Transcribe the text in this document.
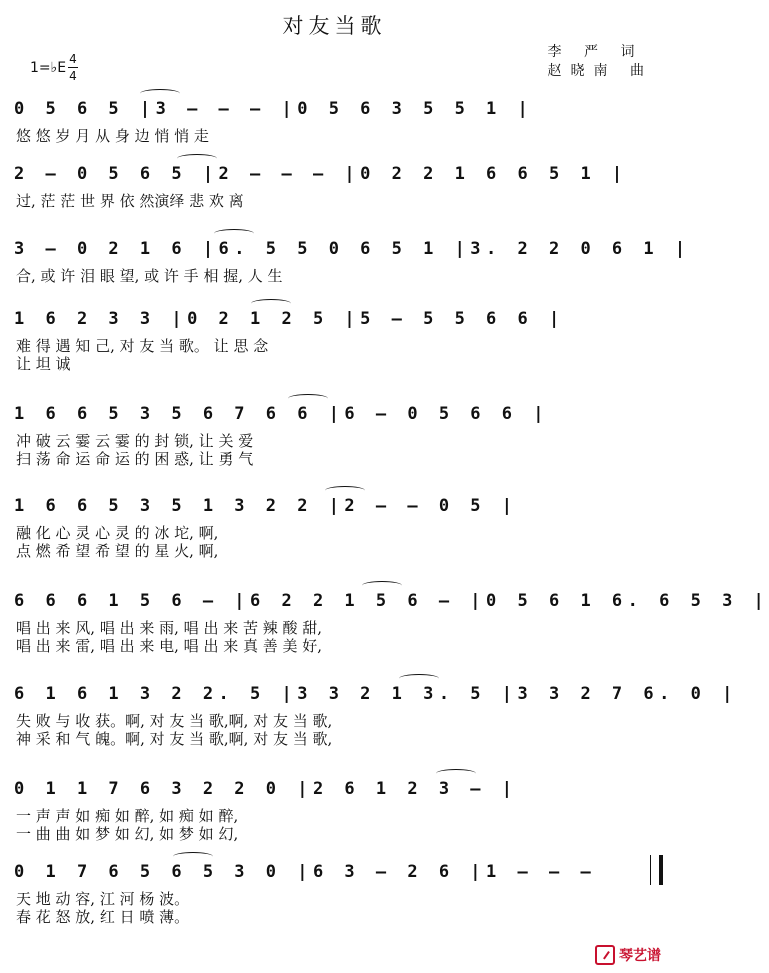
对友当歌
李 严 词
赵晓南 曲
1=♭E
4
4
0 5 6 5 |3 – – – |0 5 6 3 5 5 1 |
悠 悠 岁 月 从 身 边 悄 悄 走
2 – 0 5 6 5 |2 – – – |0 2 2 1 6 6 5 1 |
过, 茫 茫 世 界 依 然演绎 悲 欢 离
3 – 0 2 1 6 |6. 5 5 0 6 5 1 |3. 2 2 0 6 1 |
合, 或 许 泪 眼 望, 或 许 手 相 握, 人 生
1 6 2 3 3 |0 2 1 2 5 |5 – 5 5 6 6 |
难 得 遇 知 己, 对 友 当 歌。 让 思 念
让 坦 诚
1 6 6 5 3 5 6 7 6 6 |6 – 0 5 6 6 |
冲 破 云 霎 云 霎 的 封 锁, 让 关 爱
扫 荡 命 运 命 运 的 困 惑, 让 勇 气
1 6 6 5 3 5 1 3 2 2 |2 – – 0 5 |
融 化 心 灵 心 灵 的 冰 坨, 啊,
点 燃 希 望 希 望 的 星 火, 啊,
6 6 6 1 5 6 – |6 2 2 1 5 6 – |0 5 6 1 6. 6 5 3 |
唱 出 来 风, 唱 出 来 雨, 唱 出 来 苦 辣 酸 甜,
唱 出 来 雷, 唱 出 来 电, 唱 出 来 真 善 美 好,
6 1 6 1 3 2 2. 5 |3 3 2 1 3. 5 |3 3 2 7 6. 0 |
失 败 与 收 获。啊, 对 友 当 歌,啊, 对 友 当 歌,
神 采 和 气 魄。啊, 对 友 当 歌,啊, 对 友 当 歌,
0 1 1 7 6 3 2 2 0 |2 6 1 2 3 – |
一 声 声 如 痴 如 醉, 如 痴 如 醉,
一 曲 曲 如 梦 如 幻, 如 梦 如 幻,
0 1 7 6 5 6 5 3 0 |6 3 – 2 6 |1 – – –
天 地 动 容, 江 河 杨 波。
春 花 怒 放, 红 日 喷 薄。
琴艺谱
